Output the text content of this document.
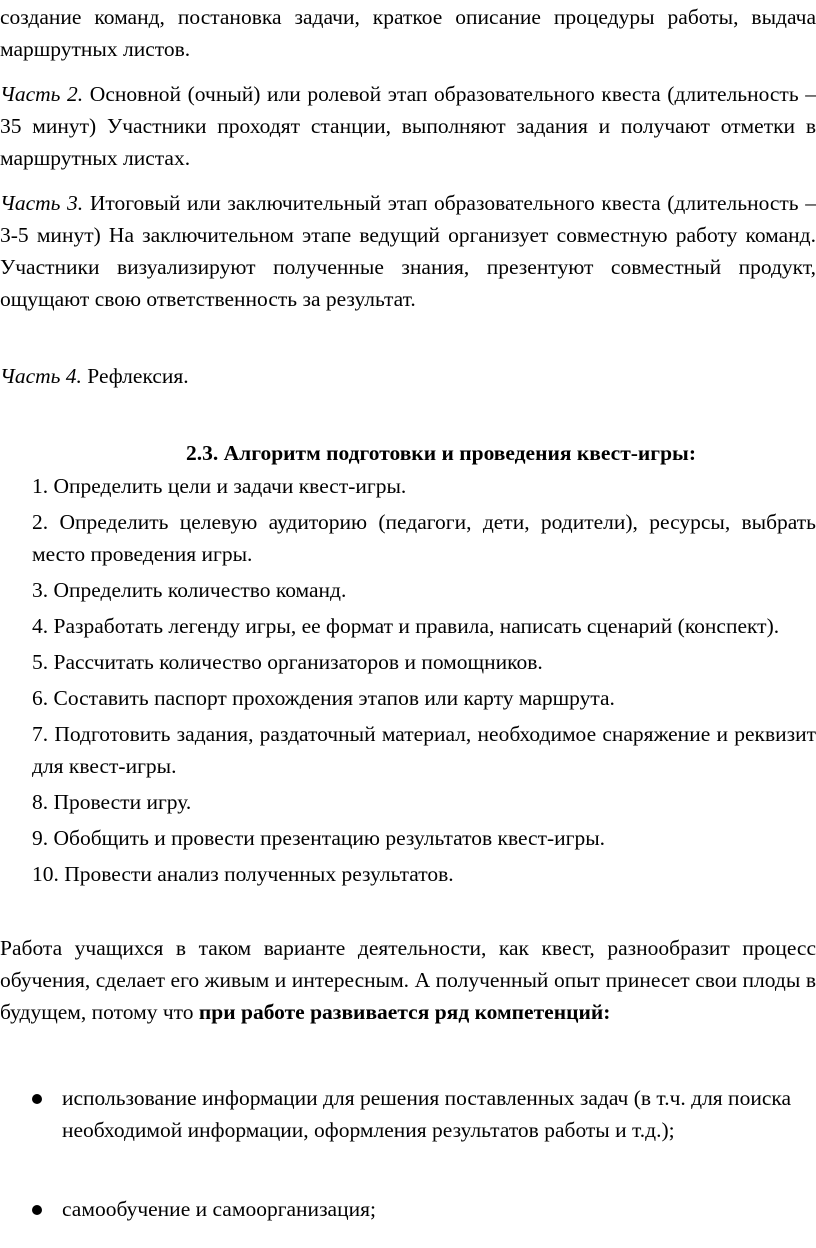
создание команд, постановка задачи, краткое описание процедуры работы, выдача маршрутных листов.

Часть 2. Основной (очный) или ролевой этап образовательного квеста (длительность – 35 минут) Участники проходят станции, выполняют задания и получают отметки в маршрутных листах.

Часть 3. Итоговый или заключительный этап образовательного квеста (длительность – 3-5 минут) На заключительном этапе ведущий организует совместную работу команд. Участники визуализируют полученные знания, презентуют совместный продукт, ощущают свою ответственность за результат.

Часть 4. Рефлексия.

2.3. Алгоритм подготовки и проведения квест-игры:
1. Определить цели и задачи квест-игры.
2. Определить целевую аудиторию (педагоги, дети, родители), ресурсы, выбрать место проведения игры.
3. Определить количество команд.
4. Разработать легенду игры, ее формат и правила, написать сценарий (конспект).
5. Рассчитать количество организаторов и помощников.
6. Составить паспорт прохождения этапов или карту маршрута.
7. Подготовить задания, раздаточный материал, необходимое снаряжение и реквизит для квест-игры.
8. Провести игру.
9. Обобщить и провести презентацию результатов квест-игры.
10. Провести анализ полученных результатов.

Работа учащихся в таком варианте деятельности, как квест, разнообразит процесс обучения, сделает его живым и интересным. А полученный опыт принесет свои плоды в будущем, потому что при работе развивается ряд компетенций:

использование информации для решения поставленных задач (в т.ч. для поиска необходимой информации, оформления результатов работы и т.д.);
самообучение и самоорганизация;
